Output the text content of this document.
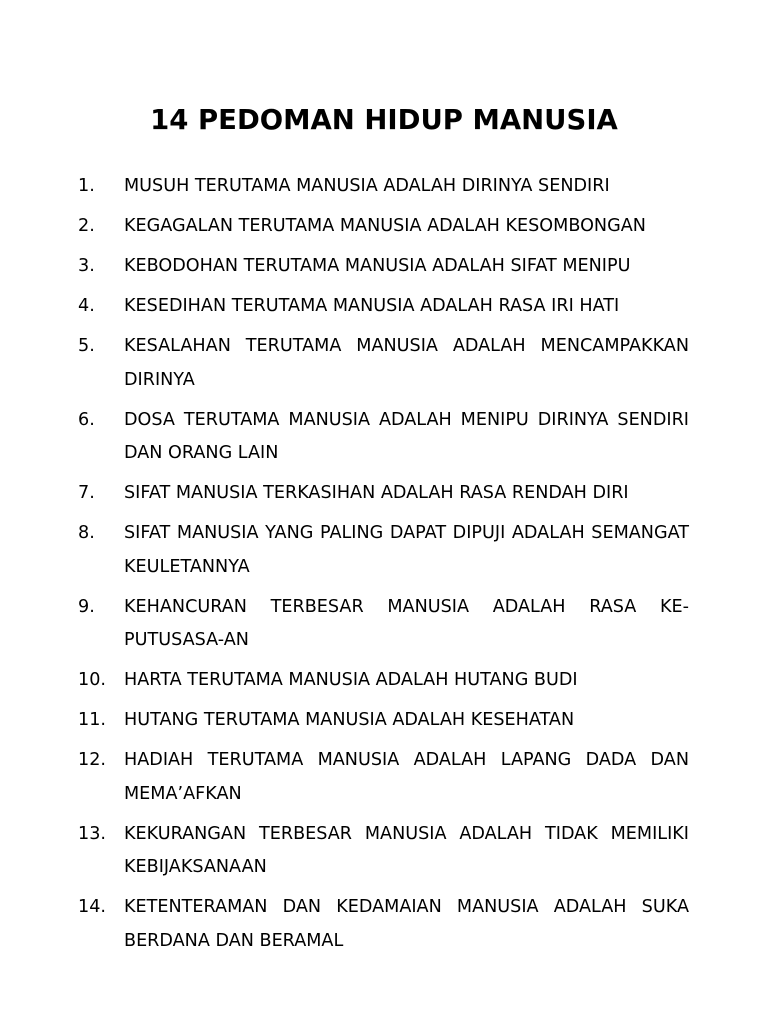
14 PEDOMAN HIDUP MANUSIA
1.	MUSUH TERUTAMA MANUSIA ADALAH DIRINYA SENDIRI
2.	KEGAGALAN TERUTAMA MANUSIA ADALAH KESOMBONGAN
3.	KEBODOHAN TERUTAMA MANUSIA ADALAH SIFAT MENIPU
4.	KESEDIHAN TERUTAMA MANUSIA ADALAH RASA IRI HATI
5.	KESALAHAN TERUTAMA MANUSIA ADALAH MENCAMPAKKAN DIRINYA
6.	DOSA TERUTAMA MANUSIA ADALAH MENIPU DIRINYA SENDIRI DAN ORANG LAIN
7.	SIFAT MANUSIA TERKASIHAN ADALAH RASA RENDAH DIRI
8.	SIFAT MANUSIA YANG PALING DAPAT DIPUJI ADALAH SEMANGAT KEULETANNYA
9.	KEHANCURAN TERBESAR MANUSIA ADALAH RASA KE-PUTUSASA-AN
10.	HARTA TERUTAMA MANUSIA ADALAH HUTANG BUDI
11.	HUTANG TERUTAMA MANUSIA ADALAH KESEHATAN
12.	HADIAH TERUTAMA MANUSIA ADALAH LAPANG DADA DAN MEMA’AFKAN
13.	KEKURANGAN TERBESAR MANUSIA ADALAH TIDAK MEMILIKI KEBIJAKSANAAN
14.	KETENTERAMAN DAN KEDAMAIAN MANUSIA ADALAH SUKA BERDANA DAN BERAMAL
